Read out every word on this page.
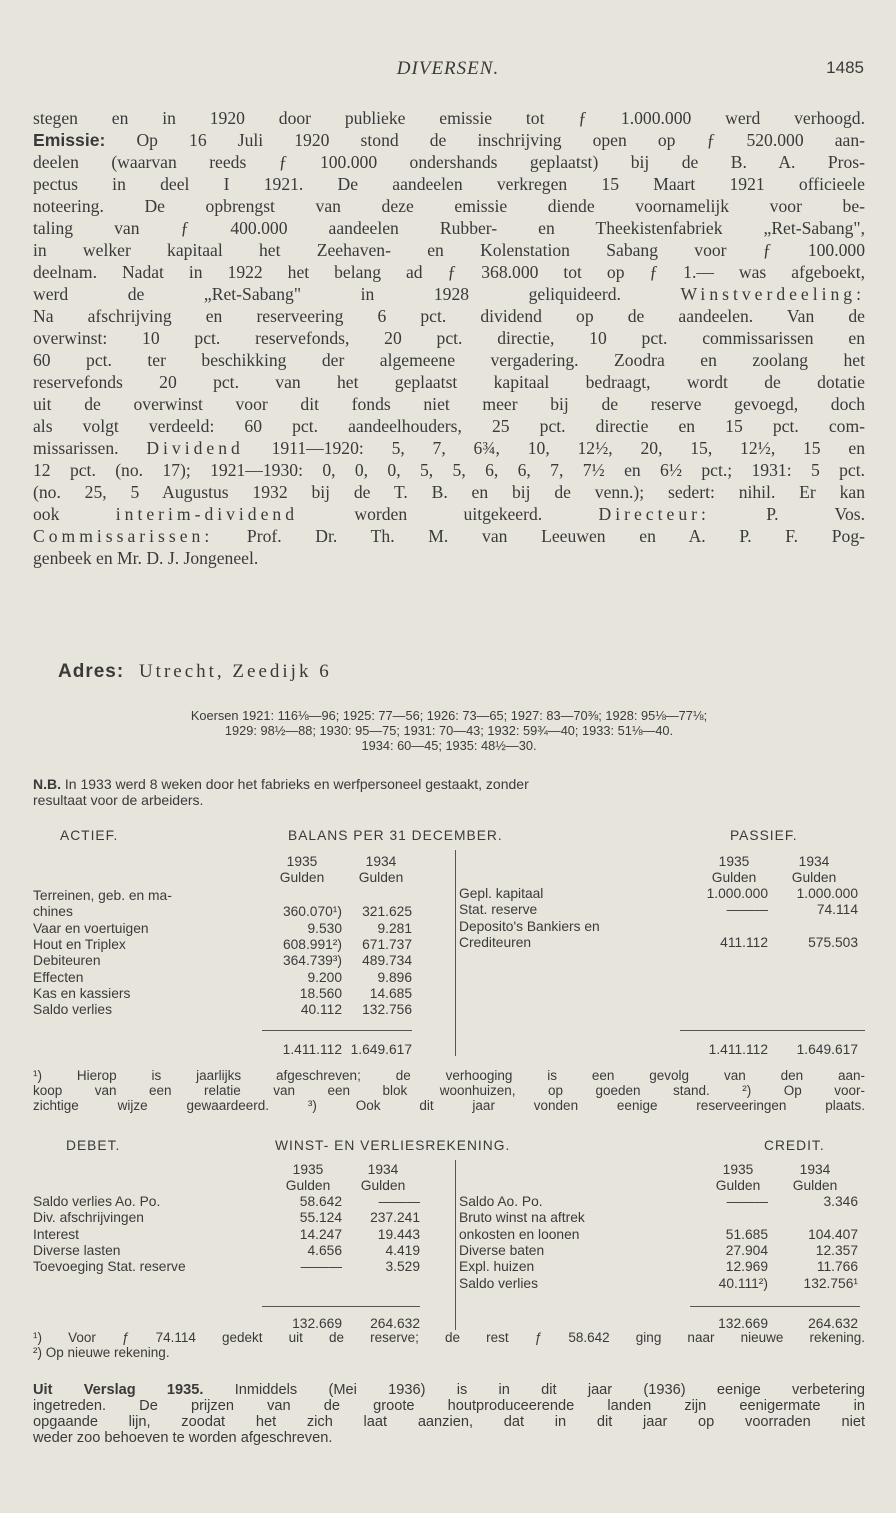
DIVERSEN.	1485
stegen en in 1920 door publieke emissie tot ƒ 1.000.000 werd verhoogd.
Emissie: Op 16 Juli 1920 stond de inschrijving open op ƒ 520.000 aan-
deelen (waarvan reeds ƒ 100.000 ondershands geplaatst) bij de B. A. Pros-
pectus in deel I 1921. De aandeelen verkregen 15 Maart 1921 officieele
noteering. De opbrengst van deze emissie diende voornamelijk voor be-
taling van ƒ 400.000 aandeelen Rubber- en Theekistenfabriek „Ret-Sabang",
in welker kapitaal het Zeehaven- en Kolenstation Sabang voor ƒ 100.000
deelnam. Nadat in 1922 het belang ad ƒ 368.000 tot op ƒ 1.— was afgeboekt,
werd de „Ret-Sabang" in 1928 geliquideerd. Winstverdeeling:
Na afschrijving en reserveering 6 pct. dividend op de aandeelen. Van de
overwinst: 10 pct. reservefonds, 20 pct. directie, 10 pct. commissarissen en
60 pct. ter beschikking der algemeene vergadering. Zoodra en zoolang het
reservefonds 20 pct. van het geplaatst kapitaal bedraagt, wordt de dotatie
uit de overwinst voor dit fonds niet meer bij de reserve gevoegd, doch
als volgt verdeeld: 60 pct. aandeelhouders, 25 pct. directie en 15 pct. com-
missarissen. Dividend 1911—1920: 5, 7, 6¾, 10, 12½, 20, 15, 12½, 15 en
12 pct. (no. 17); 1921—1930: 0, 0, 0, 5, 5, 6, 6, 7, 7½ en 6½ pct.; 1931: 5 pct.
(no. 25, 5 Augustus 1932 bij de T. B. en bij de venn.); sedert: nihil. Er kan
ook interim-dividend worden uitgekeerd. Directeur: P. Vos.
Commissarissen: Prof. Dr. Th. M. van Leeuwen en A. P. F. Pog-
genbeek en Mr. D. J. Jongeneel.
Adres: Utrecht, Zeedijk 6
Koersen 1921: 116⅛—96; 1925: 77—56; 1926: 73—65; 1927: 83—70⅜; 1928: 95⅛—77⅛;
1929: 98½—88; 1930: 95—75; 1931: 70—43; 1932: 59¾—40; 1933: 51⅛—40.
1934: 60—45; 1935: 48½—30.
N.B. In 1933 werd 8 weken door het fabrieks en werfpersoneel gestaakt, zonder
resultaat voor de arbeiders.
ACTIEF.	BALANS PER 31 DECEMBER.	PASSIEF.
1935	1934
Gulden	Gulden
1935	1934
Gulden	Gulden
Terreinen, geb. en ma-
chines	360.070¹)	321.625
Vaar en voertuigen	9.530	9.281
Hout en Triplex	608.991²)	671.737
Debiteuren	364.739³)	489.734
Effecten	9.200	9.896
Kas en kassiers	18.560	14.685
Saldo verlies	40.112	132.756
Gepl. kapitaal	1.000.000	1.000.000
Stat. reserve	———	74.114
Deposito's Bankiers en
Crediteuren	411.112	575.503
1.411.112 1.649.617	1.411.112	1.649.617
¹) Hierop is jaarlijks afgeschreven; de verhooging is een gevolg van den aan-
koop van een relatie van een blok woonhuizen, op goeden stand. ²) Op voor-
zichtige wijze gewaardeerd. ³) Ook dit jaar vonden eenige reserveeringen plaats.
DEBET.	WINST- EN VERLIESREKENING.	CREDIT.
1935	1934
Gulden	Gulden
1935	1934
Gulden	Gulden
Saldo verlies Ao. Po.	58.642	———
Div. afschrijvingen	55.124	237.241
Interest	14.247	19.443
Diverse lasten	4.656	4.419
Toevoeging Stat. reserve	———	3.529
Saldo Ao. Po.	———	3.346
Bruto winst na aftrek
onkosten en loonen	51.685	104.407
Diverse baten	27.904	12.357
Expl. huizen	12.969	11.766
Saldo verlies	40.111²)	132.756¹
132.669	264.632	132.669	264.632
¹) Voor ƒ 74.114 gedekt uit de reserve; de rest ƒ 58.642 ging naar nieuwe rekening.
²) Op nieuwe rekening.
Uit Verslag 1935. Inmiddels (Mei 1936) is in dit jaar (1936) eenige verbetering
ingetreden. De prijzen van de groote houtproduceerende landen zijn eenigermate in
opgaande lijn, zoodat het zich laat aanzien, dat in dit jaar op voorraden niet
weder zoo behoeven te worden afgeschreven.
